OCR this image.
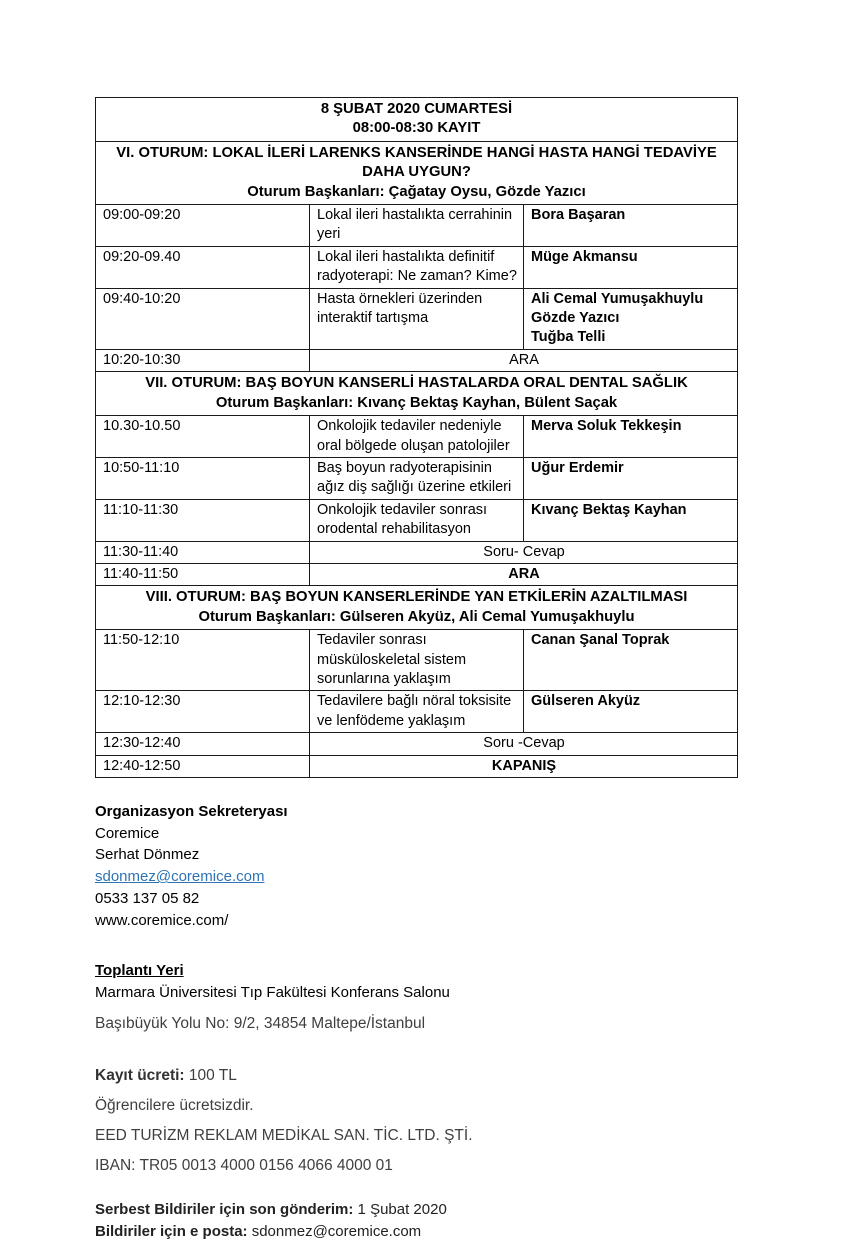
8 ŞUBAT 2020 CUMARTESİ
08:00-08:30 KAYIT		

VI. OTURUM: LOKAL İLERİ LARENKS KANSERİNDE HANGİ HASTA HANGİ TEDAVİYE DAHA UYGUN?
Oturum Başkanları: Çağatay Oysu, Gözde Yazıcı		

09:00-09:20	Lokal ileri hastalıkta cerrahinin yeri	Bora Başaran

09:20-09.40	Lokal ileri hastalıkta definitif radyoterapi: Ne zaman? Kime?	Müge Akmansu

09:40-10:20	Hasta örnekleri üzerinden interaktif tartışma	Ali Cemal Yumuşakhuylu
Gözde Yazıcı
Tuğba Telli

10:20-10:30	ARA	

VII. OTURUM: BAŞ BOYUN KANSERLİ HASTALARDA ORAL DENTAL SAĞLIK
Oturum Başkanları: Kıvanç Bektaş Kayhan, Bülent Saçak		

10.30-10.50	Onkolojik tedaviler nedeniyle oral bölgede oluşan patolojiler	Merva Soluk Tekkeşin

10:50-11:10	Baş boyun radyoterapisinin ağız diş sağlığı üzerine etkileri	Uğur Erdemir

11:10-11:30	Onkolojik tedaviler sonrası orodental rehabilitasyon	Kıvanç Bektaş Kayhan

11:30-11:40	Soru- Cevap	
11:40-11:50	ARA	

VIII. OTURUM: BAŞ BOYUN KANSERLERİNDE YAN ETKİLERİN AZALTILMASI
Oturum Başkanları: Gülseren Akyüz, Ali Cemal Yumuşakhuylu		

11:50-12:10	Tedaviler sonrası müsküloskeletal sistem sorunlarına yaklaşım	Canan Şanal Toprak

12:10-12:30	Tedavilere bağlı nöral toksisite ve lenfödeme yaklaşım	Gülseren Akyüz

12:30-12:40	Soru -Cevap	
12:40-12:50	KAPANIŞ	

Organizasyon Sekreteryası

Coremice

Serhat Dönmez

sdonmez@coremice.com

0533 137 05 82

www.coremice.com/

Toplantı Yeri

Marmara Üniversitesi Tıp Fakültesi Konferans Salonu

Başıbüyük Yolu No: 9/2, 34854 Maltepe/İstanbul

Kayıt ücreti: 100 TL

Öğrencilere ücretsizdir.

EED TURİZM REKLAM MEDİKAL SAN. TİC. LTD. ŞTİ.

IBAN: TR05 0013 4000 0156 4066 4000 01

Serbest Bildiriler için son gönderim: 1 Şubat 2020

Bildiriler için e posta: sdonmez@coremice.com
